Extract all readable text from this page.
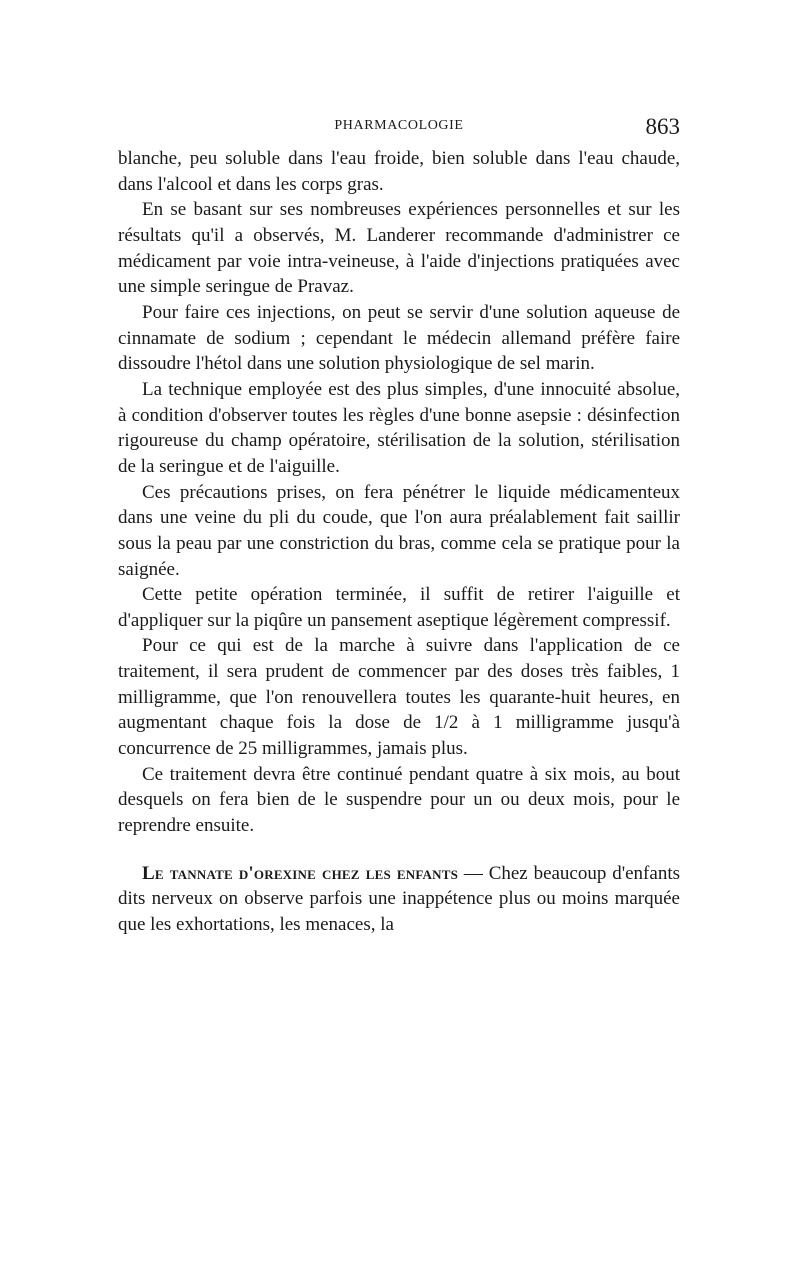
PHARMACOLOGIE	863

blanche, peu soluble dans l'eau froide, bien soluble dans l'eau chaude, dans l'alcool et dans les corps gras.

En se basant sur ses nombreuses expériences personnelles et sur les résultats qu'il a observés, M. Landerer recommande d'administrer ce médicament par voie intra-veineuse, à l'aide d'injections pratiquées avec une simple seringue de Pravaz.

Pour faire ces injections, on peut se servir d'une solution aqueuse de cinnamate de sodium ; cependant le médecin allemand préfère faire dissoudre l'hétol dans une solution physiologique de sel marin.

La technique employée est des plus simples, d'une innocuité absolue, à condition d'observer toutes les règles d'une bonne asepsie : désinfection rigoureuse du champ opératoire, stérilisation de la solution, stérilisation de la seringue et de l'aiguille.

Ces précautions prises, on fera pénétrer le liquide médicamenteux dans une veine du pli du coude, que l'on aura préalablement fait saillir sous la peau par une constriction du bras, comme cela se pratique pour la saignée.

Cette petite opération terminée, il suffit de retirer l'aiguille et d'appliquer sur la piqûre un pansement aseptique légèrement compressif.

Pour ce qui est de la marche à suivre dans l'application de ce traitement, il sera prudent de commencer par des doses très faibles, 1 milligramme, que l'on renouvellera toutes les quarante-huit heures, en augmentant chaque fois la dose de 1/2 à 1 milligramme jusqu'à concurrence de 25 milligrammes, jamais plus.

Ce traitement devra être continué pendant quatre à six mois, au bout desquels on fera bien de le suspendre pour un ou deux mois, pour le reprendre ensuite.

Le tannate d'orexine chez les enfants — Chez beaucoup d'enfants dits nerveux on observe parfois une inappétence plus ou moins marquée que les exhortations, les menaces, la
